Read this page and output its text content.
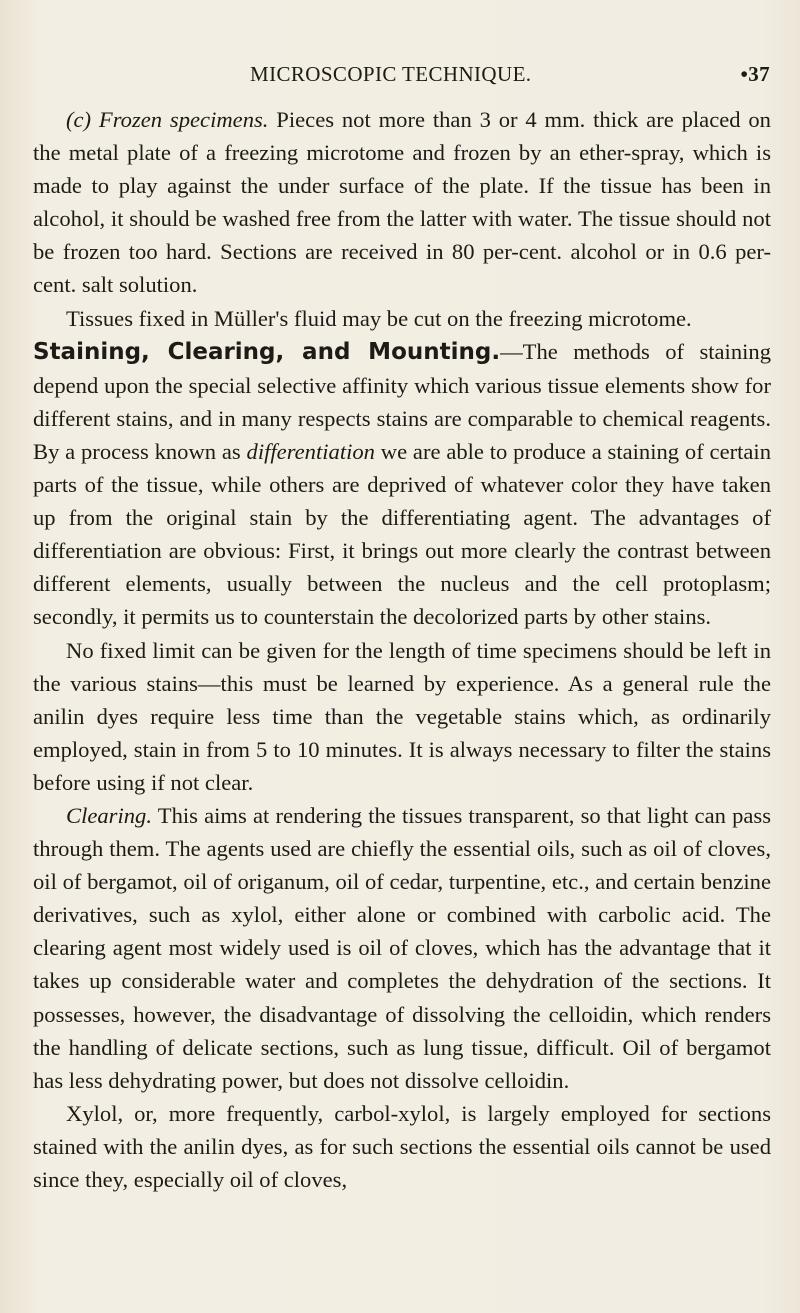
MICROSCOPIC TECHNIQUE.	•37

(c) Frozen specimens. Pieces not more than 3 or 4 mm. thick are placed on the metal plate of a freezing microtome and frozen by an ether-spray, which is made to play against the under surface of the plate. If the tissue has been in alcohol, it should be washed free from the latter with water. The tissue should not be frozen too hard. Sections are received in 80 per-cent. alcohol or in 0.6 per-cent. salt solution.

Tissues fixed in Müller's fluid may be cut on the freezing microtome.

Staining, Clearing, and Mounting.—The methods of staining depend upon the special selective affinity which various tissue elements show for different stains, and in many respects stains are comparable to chemical reagents. By a process known as differentiation we are able to produce a staining of certain parts of the tissue, while others are deprived of whatever color they have taken up from the original stain by the differentiating agent. The advantages of differentiation are obvious: First, it brings out more clearly the contrast between different elements, usually between the nucleus and the cell protoplasm; secondly, it permits us to counterstain the decolorized parts by other stains.

No fixed limit can be given for the length of time specimens should be left in the various stains—this must be learned by experience. As a general rule the anilin dyes require less time than the vegetable stains which, as ordinarily employed, stain in from 5 to 10 minutes. It is always necessary to filter the stains before using if not clear.

Clearing. This aims at rendering the tissues transparent, so that light can pass through them. The agents used are chiefly the essential oils, such as oil of cloves, oil of bergamot, oil of origanum, oil of cedar, turpentine, etc., and certain benzine derivatives, such as xylol, either alone or combined with carbolic acid. The clearing agent most widely used is oil of cloves, which has the advantage that it takes up considerable water and completes the dehydration of the sections. It possesses, however, the disadvantage of dissolving the celloidin, which renders the handling of delicate sections, such as lung tissue, difficult. Oil of bergamot has less dehydrating power, but does not dissolve celloidin.

Xylol, or, more frequently, carbol-xylol, is largely employed for sections stained with the anilin dyes, as for such sections the essential oils cannot be used since they, especially oil of cloves,
